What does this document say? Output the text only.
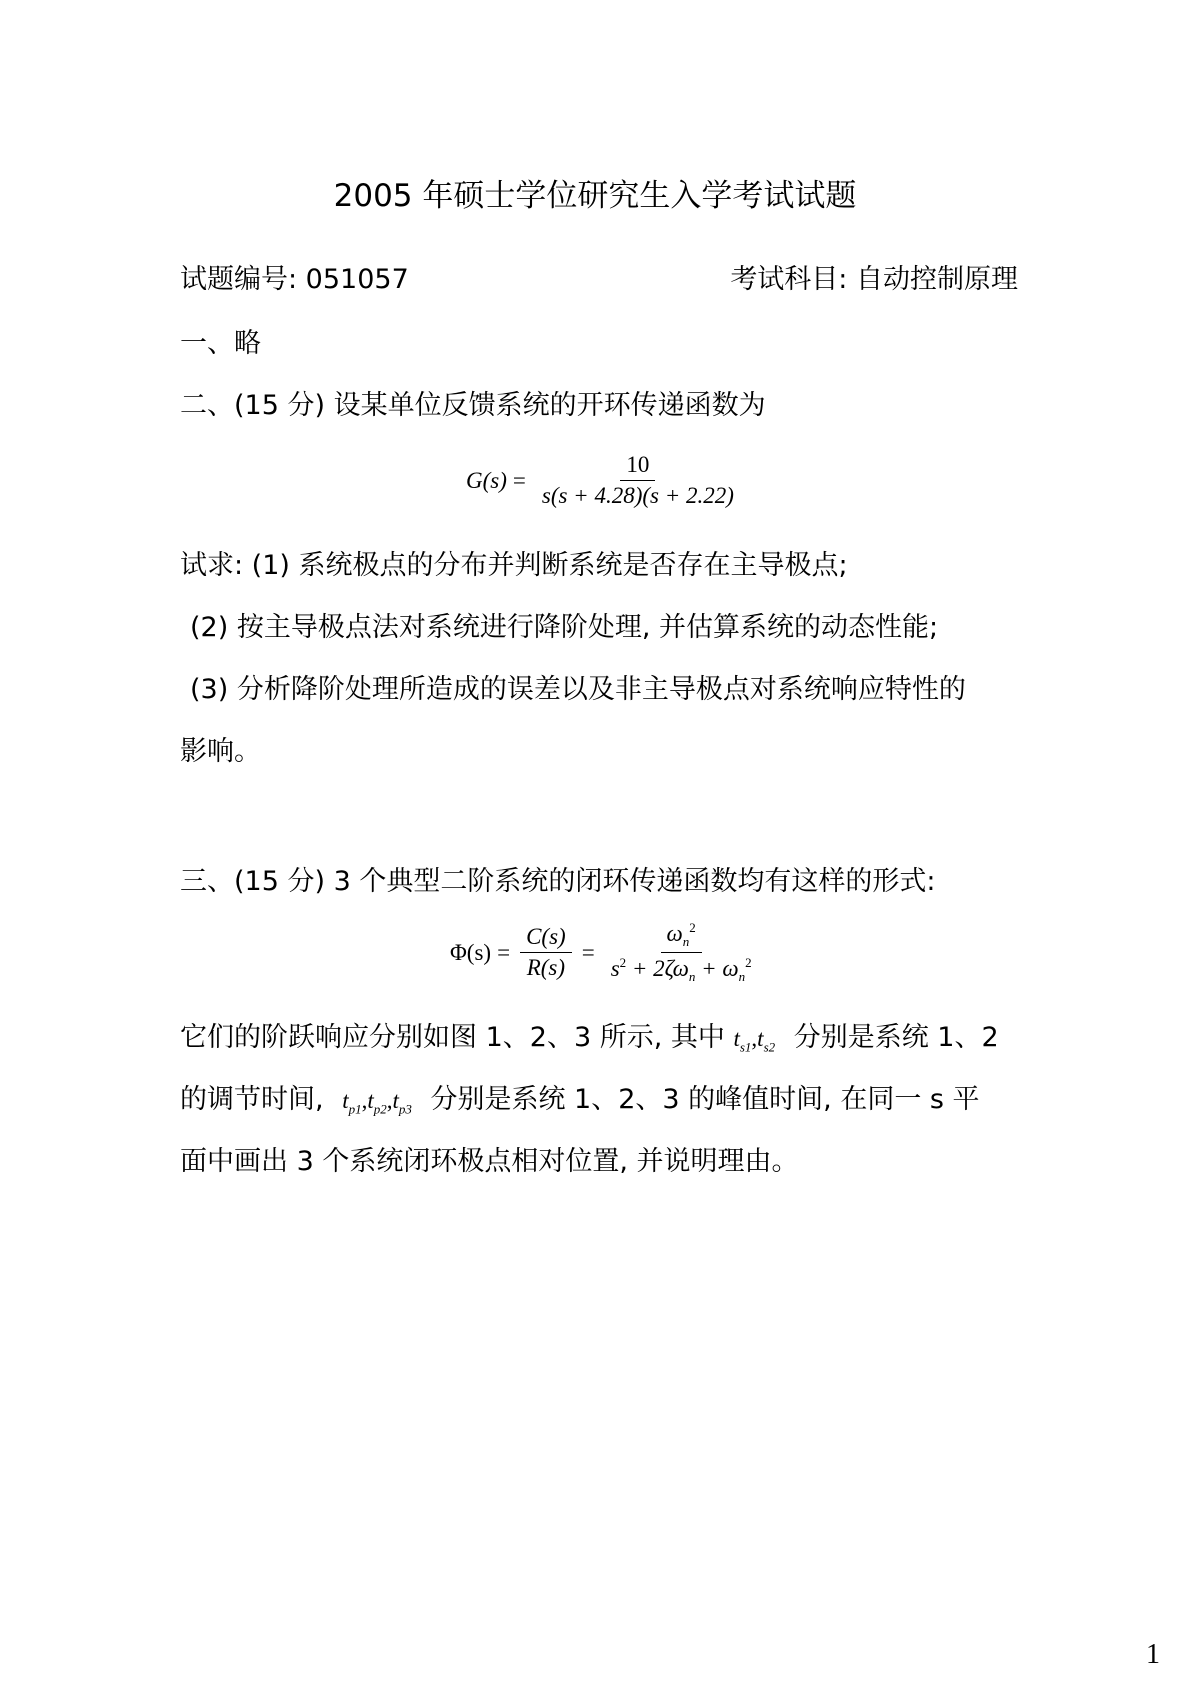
2005 年硕士学位研究生入学考试试题
试题编号: 051057	考试科目: 自动控制原理
一、略
二、(15 分) 设某单位反馈系统的开环传递函数为
$G(s) = \frac{10}{s(s + 4.28)(s + 2.22)}$
试求: (1) 系统极点的分布并判断系统是否存在主导极点;
(2) 按主导极点法对系统进行降阶处理, 并估算系统的动态性能;
(3) 分析降阶处理所造成的误差以及非主导极点对系统响应特性的
影响。
三、(15 分) 3 个典型二阶系统的闭环传递函数均有这样的形式:
$\Phi(s) = \frac{C(s)}{R(s)} = \frac{\omega_n^2}{s^2 + 2\zeta\omega_n + \omega_n^2}$
它们的阶跃响应分别如图 1、2、3 所示, 其中 $t_{s1},t_{s2}$ 分别是系统 1、2
的调节时间, $t_{p1},t_{p2},t_{p3}$ 分别是系统 1、2、3 的峰值时间, 在同一 s 平
面中画出 3 个系统闭环极点相对位置, 并说明理由。
1
